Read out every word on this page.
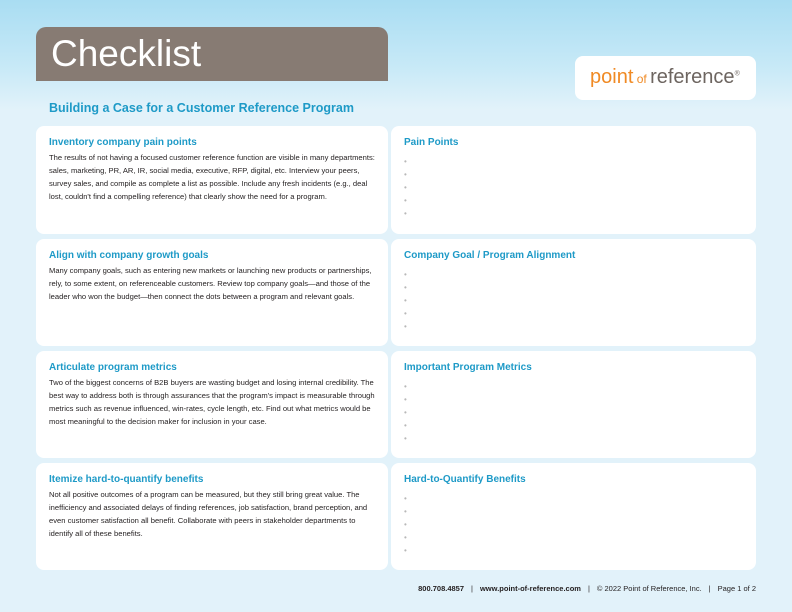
Checklist
point of reference®
Building a Case for a Customer Reference Program
Inventory company pain points
The results of not having a focused customer reference function are visible in many departments: sales, marketing, PR, AR, IR, social media, executive, RFP, digital, etc. Interview your peers, survey sales, and compile as complete a list as possible. Include any fresh incidents (e.g., deal lost, couldn't find a compelling reference) that clearly show the need for a program.
Pain Points
•
•
•
•
•
Align with company growth goals
Many company goals, such as entering new markets or launching new products or partnerships, rely, to some extent, on referenceable customers. Review top company goals—and those of the leader who won the budget—then connect the dots between a program and relevant goals.
Company Goal / Program Alignment
•
•
•
•
•
Articulate program metrics
Two of the biggest concerns of B2B buyers are wasting budget and losing internal credibility. The best way to address both is through assurances that the program's impact is measurable through metrics such as revenue influenced, win-rates, cycle length, etc. Find out what metrics would be most meaningful to the decision maker for inclusion in your case.
Important Program Metrics
•
•
•
•
•
Itemize hard-to-quantify benefits
Not all positive outcomes of a program can be measured, but they still bring great value. The inefficiency and associated delays of finding references, job satisfaction, brand perception, and even customer satisfaction all benefit. Collaborate with peers in stakeholder departments to identify all of these benefits.
Hard-to-Quantify Benefits
•
•
•
•
•
800.708.4857 | www.point-of-reference.com | © 2022 Point of Reference, Inc. | Page 1 of 2
